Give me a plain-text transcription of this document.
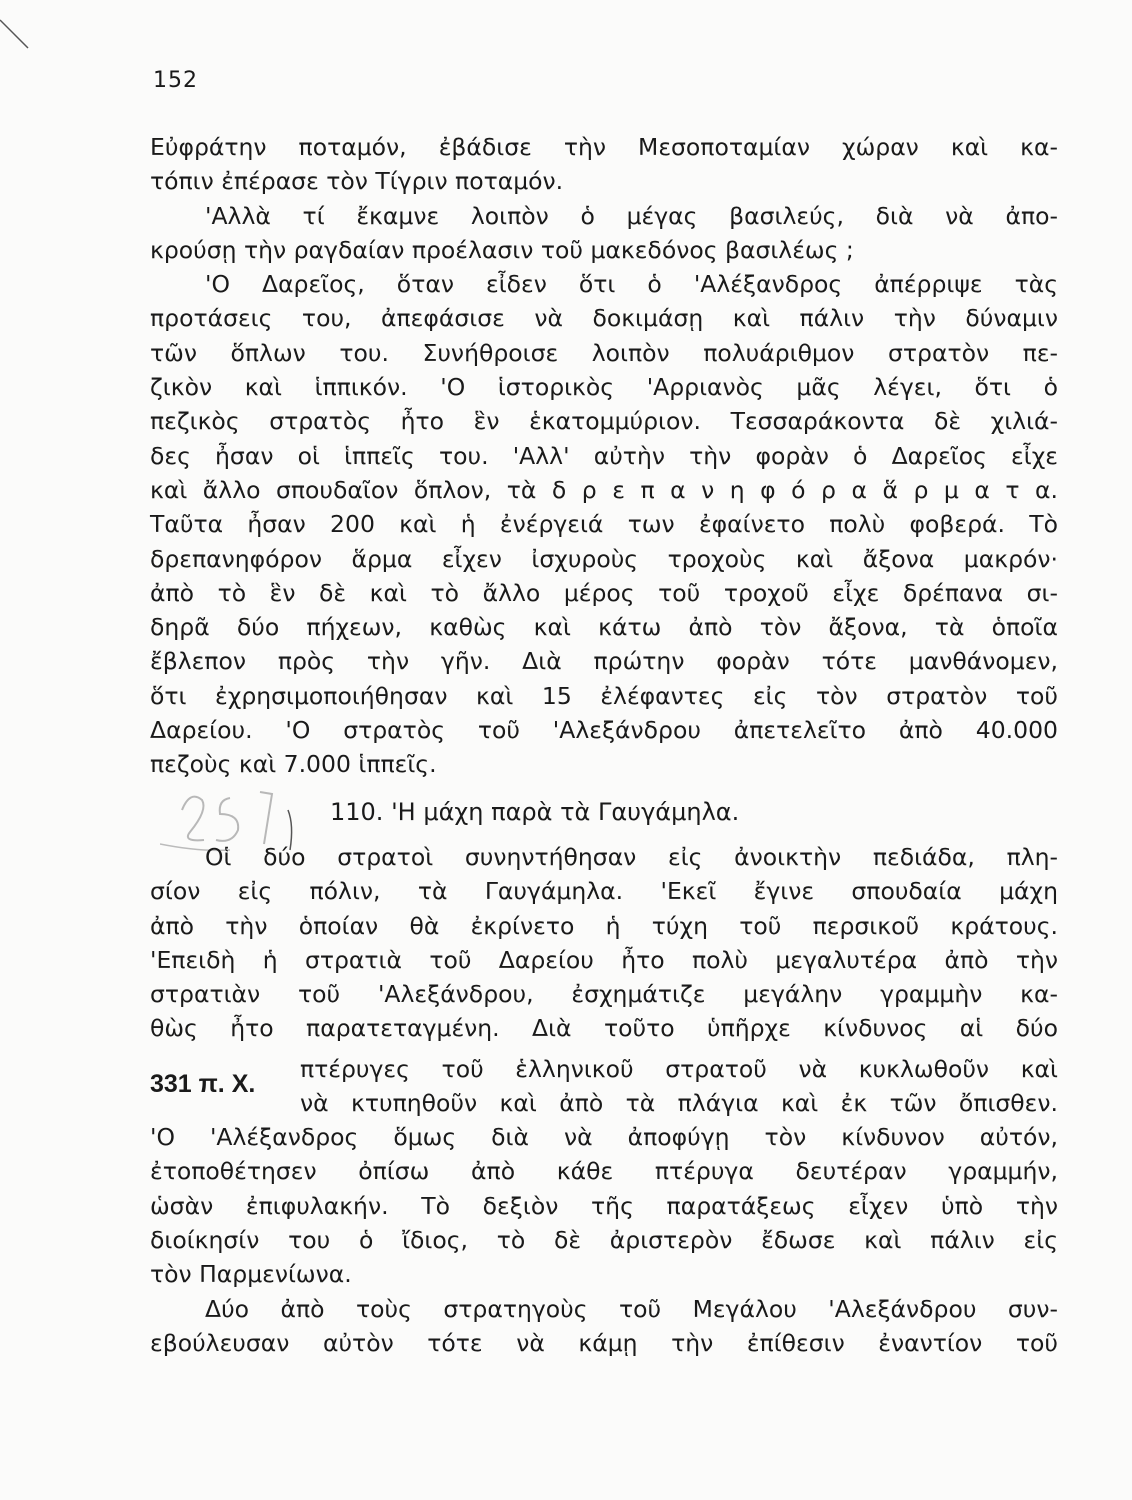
152
Εὐφράτην ποταμόν, ἐβάδισε τὴν Μεσοποταμίαν χώραν καὶ κα-
τόπιν ἐπέρασε τὸν Τίγριν ποταμόν.
'Αλλὰ τί ἔκαμνε λοιπὸν ὁ μέγας βασιλεύς, διὰ νὰ ἀπο-
κρούσῃ τὴν ραγδαίαν προέλασιν τοῦ μακεδόνος βασιλέως ;
'Ο Δαρεῖος, ὅταν εἶδεν ὅτι ὁ 'Αλέξανδρος ἀπέρριψε τὰς
προτάσεις του, ἀπεφάσισε νὰ δοκιμάσῃ καὶ πάλιν τὴν δύναμιν
τῶν ὅπλων του. Συνήθροισε λοιπὸν πολυάριθμον στρατὸν πε-
ζικὸν καὶ ἱππικόν. 'Ο ἱστορικὸς 'Αρριανὸς μᾶς λέγει, ὅτι ὁ
πεζικὸς στρατὸς ἦτο ἓν ἑκατομμύριον. Τεσσαράκοντα δὲ χιλιά-
δες ἦσαν οἱ ἱππεῖς του. 'Αλλ' αὐτὴν τὴν φορὰν ὁ Δαρεῖος εἶχε
καὶ ἄλλο σπουδαῖον ὅπλον, τὰ δ ρ ε π α ν η φ ό ρ α ἅ ρ μ α τ α.
Ταῦτα ἦσαν 200 καὶ ἡ ἐνέργειά των ἐφαίνετο πολὺ φοβερά. Τὸ
δρεπανηφόρον ἅρμα εἶχεν ἰσχυροὺς τροχοὺς καὶ ἄξονα μακρόν·
ἀπὸ τὸ ἓν δὲ καὶ τὸ ἄλλο μέρος τοῦ τροχοῦ εἶχε δρέπανα σι-
δηρᾶ δύο πήχεων, καθὼς καὶ κάτω ἀπὸ τὸν ἄξονα, τὰ ὁποῖα
ἔβλεπον πρὸς τὴν γῆν. Διὰ πρώτην φορὰν τότε μανθάνομεν,
ὅτι ἐχρησιμοποιήθησαν καὶ 15 ἐλέφαντες εἰς τὸν στρατὸν τοῦ
Δαρείου. 'Ο στρατὸς τοῦ 'Αλεξάνδρου ἀπετελεῖτο ἀπὸ 40.000
πεζοὺς καὶ 7.000 ἱππεῖς.
110. 'Η μάχη παρὰ τὰ Γαυγάμηλα.
Οἱ δύο στρατοὶ συνηντήθησαν εἰς ἀνοικτὴν πεδιάδα, πλη-
σίον εἰς πόλιν, τὰ Γαυγάμηλα. 'Εκεῖ ἔγινε σπουδαία μάχη
ἀπὸ τὴν ὁποίαν θὰ ἐκρίνετο ἡ τύχη τοῦ περσικοῦ κράτους.
'Επειδὴ ἡ στρατιὰ τοῦ Δαρείου ἦτο πολὺ μεγαλυτέρα ἀπὸ τὴν
στρατιὰν τοῦ 'Αλεξάνδρου, ἐσχημάτιζε μεγάλην γραμμὴν κα-
θὼς ἦτο παρατεταγμένη. Διὰ τοῦτο ὑπῆρχε κίνδυνος αἱ δύο
331 π. Χ.
πτέρυγες τοῦ ἑλληνικοῦ στρατοῦ νὰ κυκλωθοῦν καὶ
νὰ κτυπηθοῦν καὶ ἀπὸ τὰ πλάγια καὶ ἐκ τῶν ὄπισθεν.
'Ο 'Αλέξανδρος ὅμως διὰ νὰ ἀποφύγῃ τὸν κίνδυνον αὐτόν,
ἐτοποθέτησεν ὀπίσω ἀπὸ κάθε πτέρυγα δευτέραν γραμμήν,
ὡσὰν ἐπιφυλακήν. Τὸ δεξιὸν τῆς παρατάξεως εἶχεν ὑπὸ τὴν
διοίκησίν του ὁ ἴδιος, τὸ δὲ ἀριστερὸν ἔδωσε καὶ πάλιν εἰς
τὸν Παρμενίωνα.
Δύο ἀπὸ τοὺς στρατηγοὺς τοῦ Μεγάλου 'Αλεξάνδρου συν-
εβούλευσαν αὐτὸν τότε νὰ κάμῃ τὴν ἐπίθεσιν ἐναντίον τοῦ
